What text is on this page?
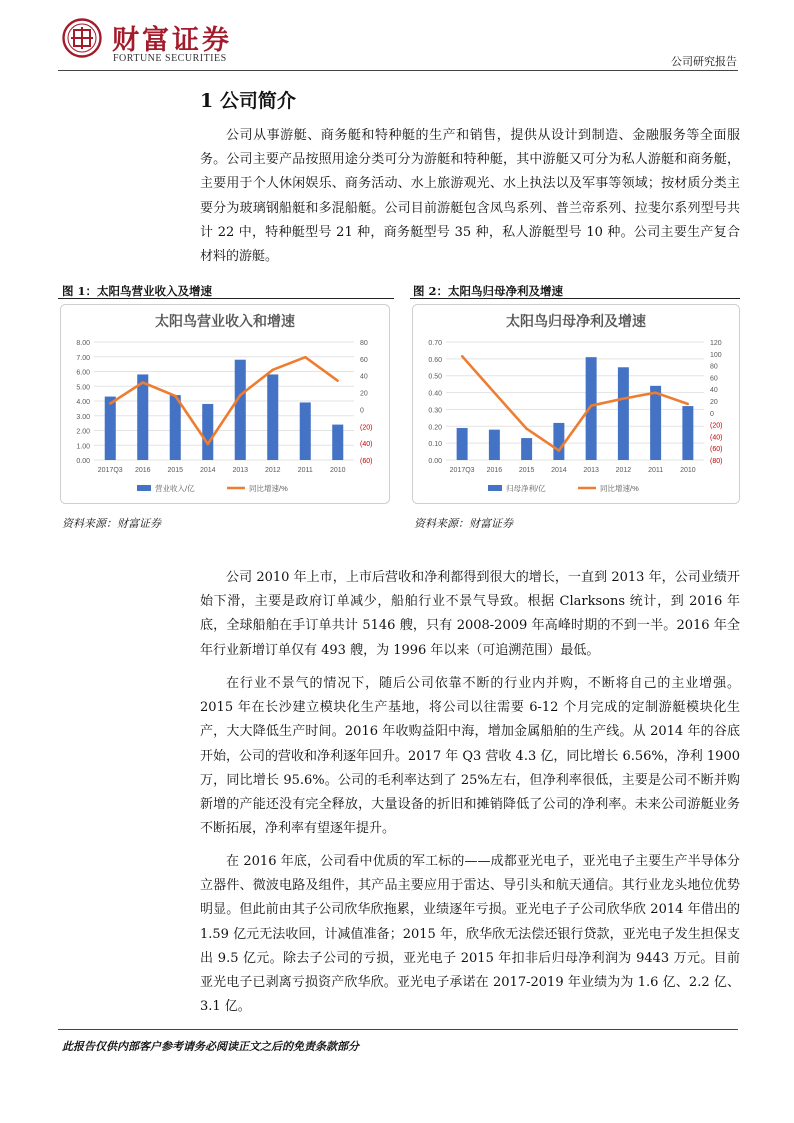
财富证券
FORTUNE SECURITIES	公司研究报告
1 公司简介

公司从事游艇、商务艇和特种艇的生产和销售，提供从设计到制造、金融服务等全面服务。公司主要产品按照用途分类可分为游艇和特种艇，其中游艇又可分为私人游艇和商务艇，主要用于个人休闲娱乐、商务活动、水上旅游观光、水上执法以及军事等领域；按材质分类主要分为玻璃钢船艇和多混船艇。公司目前游艇包含凤鸟系列、普兰帝系列、拉斐尔系列型号共计 22 中，特种艇型号 21 种，商务艇型号 35 种，私人游艇型号 10 种。公司主要生产复合材料的游艇。

图 1：太阳鸟营业收入及增速	图 2：太阳鸟归母净利及增速
太阳鸟营业收入和增速
0.00
1.00
2.00
3.00
4.00
5.00
6.00
7.00
8.00
(60)
(40)
(20)
0
20
40
60
80
2017Q3 2016 2015 2014 2013 2012 2011 2010
营业收入/亿	同比增速/%
太阳鸟归母净利及增速
0.00
0.10
0.20
0.30
0.40
0.50
0.60
0.70
(80)
(60)
(40)
(20)
0
20
40
60
80
100
120
2017Q3 2016 2015 2014 2013 2012 2011 2010
归母净利/亿	同比增速/%
资料来源：财富证券	资料来源：财富证券

公司 2010 年上市，上市后营收和净利都得到很大的增长，一直到 2013 年，公司业绩开始下滑，主要是政府订单减少，船舶行业不景气导致。根据 Clarksons 统计，到 2016 年底，全球船舶在手订单共计 5146 艘，只有 2008-2009 年高峰时期的不到一半。2016 年全年行业新增订单仅有 493 艘，为 1996 年以来（可追溯范围）最低。

在行业不景气的情况下，随后公司依靠不断的行业内并购，不断将自己的主业增强。2015 年在长沙建立模块化生产基地，将公司以往需要 6-12 个月完成的定制游艇模块化生产，大大降低生产时间。2016 年收购益阳中海，增加金属船舶的生产线。从 2014 年的谷底开始，公司的营收和净利逐年回升。2017 年 Q3 营收 4.3 亿，同比增长 6.56%，净利 1900 万，同比增长 95.6%。公司的毛利率达到了 25%左右，但净利率很低，主要是公司不断并购新增的产能还没有完全释放，大量设备的折旧和摊销降低了公司的净利率。未来公司游艇业务不断拓展，净利率有望逐年提升。

在 2016 年底，公司看中优质的军工标的——成都亚光电子，亚光电子主要生产半导体分立器件、微波电路及组件，其产品主要应用于雷达、导引头和航天通信。其行业龙头地位优势明显。但此前由其子公司欣华欣拖累，业绩逐年亏损。亚光电子子公司欣华欣 2014 年借出的 1.59 亿元无法收回，计减值准备；2015 年，欣华欣无法偿还银行贷款，亚光电子发生担保支出 9.5 亿元。除去子公司的亏损，亚光电子 2015 年扣非后归母净利润为 9443 万元。目前亚光电子已剥离亏损资产欣华欣。亚光电子承诺在 2017-2019 年业绩为为 1.6 亿、2.2 亿、3.1 亿。

此报告仅供内部客户参考请务必阅读正文之后的免责条款部分
